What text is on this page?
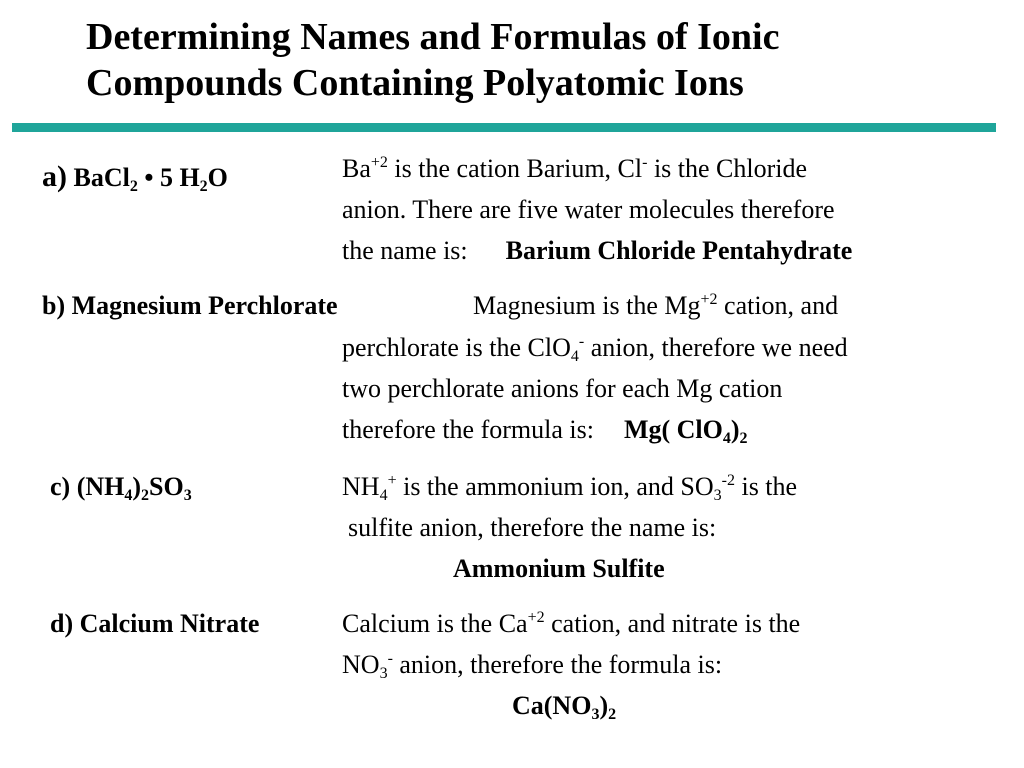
Determining Names and Formulas of Ionic
Compounds Containing Polyatomic Ions
a) BaCl$_2$ • 5 $H_2O$	$Ba^{+2}$ is the cation Barium, Cl- is the Chloride
anion. There are five water molecules therefore
the name is: Barium Chloride Pentahydrate
b) Magnesium Perchlorate	Magnesium is the $Mg^{+2}$ cation, and
perchlorate is the ClO$_4$- anion, therefore we need
two perchlorate anions for each Mg cation
therefore the formula is: Mg( $ClO_4)_2$
c) $(NH_4)_2SO_3$	$NH_4^+$ is the ammonium ion, and $SO_3^{-2}$ is the
sulfite anion, therefore the name is:
Ammonium Sulfite
d) Calcium Nitrate	Calcium is the $Ca^{+2}$ cation, and nitrate is the
$NO_3^-$ anion, therefore the formula is:
$Ca(NO_3)_2$
